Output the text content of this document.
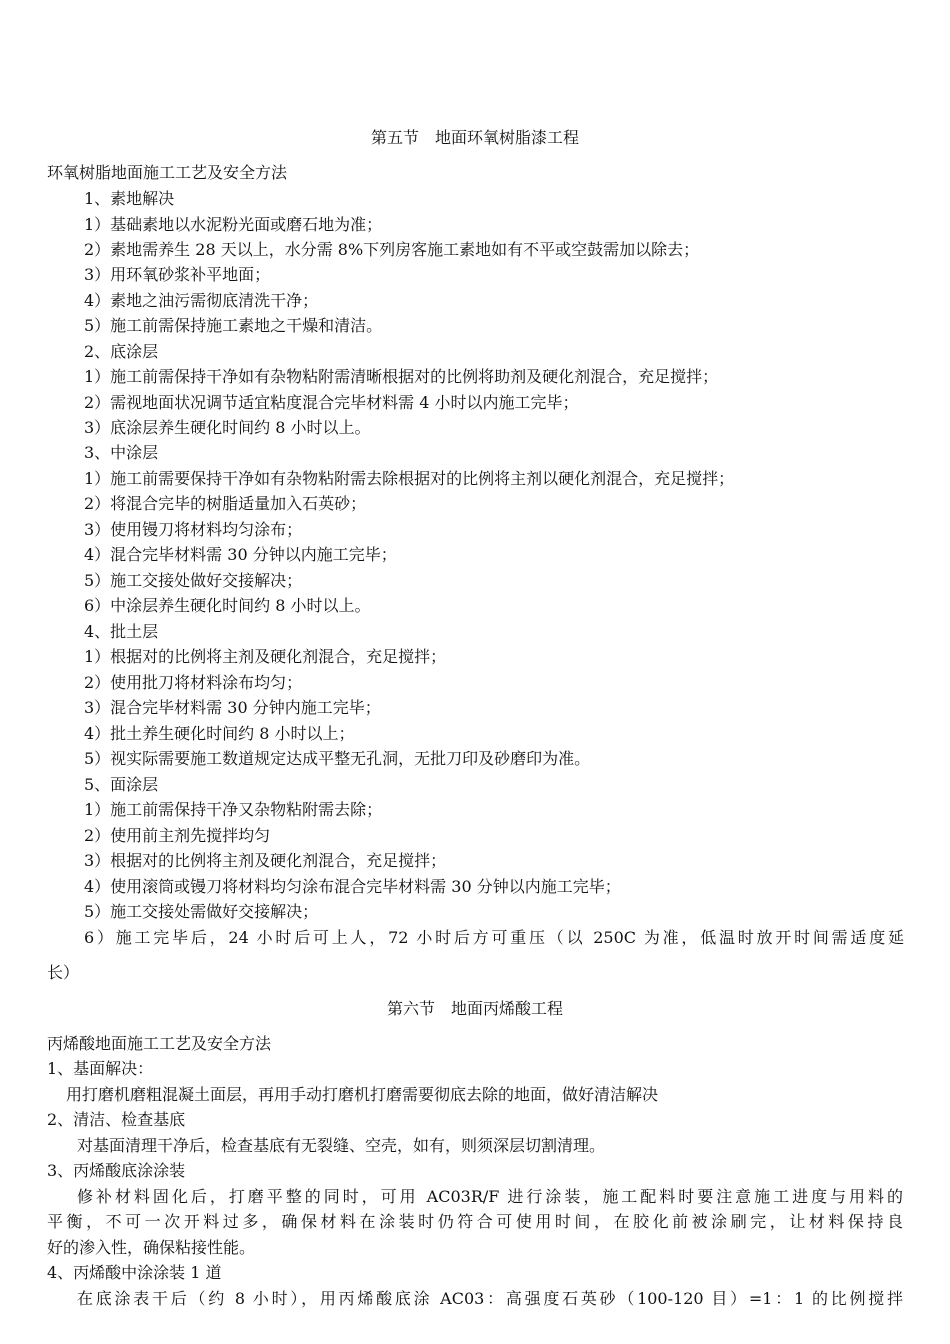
第五节　地面环氧树脂漆工程
环氧树脂地面施工工艺及安全方法
1、素地解决
1）基础素地以水泥粉光面或磨石地为准；
2）素地需养生 28 天以上，水分需 8%下列房客施工素地如有不平或空鼓需加以除去；
3）用环氧砂浆补平地面；
4）素地之油污需彻底清洗干净；
5）施工前需保持施工素地之干燥和清洁。
2、底涂层
1）施工前需保持干净如有杂物粘附需清晰根据对的比例将助剂及硬化剂混合，充足搅拌；
2）需视地面状况调节适宜粘度混合完毕材料需 4 小时以内施工完毕；
3）底涂层养生硬化时间约 8 小时以上。
3、中涂层
1）施工前需要保持干净如有杂物粘附需去除根据对的比例将主剂以硬化剂混合，充足搅拌；
2）将混合完毕的树脂适量加入石英砂；
3）使用镘刀将材料均匀涂布；
4）混合完毕材料需 30 分钟以内施工完毕；
5）施工交接处做好交接解决；
6）中涂层养生硬化时间约 8 小时以上。
4、批土层
1）根据对的比例将主剂及硬化剂混合，充足搅拌；
2）使用批刀将材料涂布均匀；
3）混合完毕材料需 30 分钟内施工完毕；
4）批土养生硬化时间约 8 小时以上；
5）视实际需要施工数道规定达成平整无孔洞，无批刀印及砂磨印为准。
5、面涂层
1）施工前需保持干净又杂物粘附需去除；
2）使用前主剂先搅拌均匀
3）根据对的比例将主剂及硬化剂混合，充足搅拌；
4）使用滚筒或镘刀将材料均匀涂布混合完毕材料需 30 分钟以内施工完毕；
5）施工交接处需做好交接解决；
6）施工完毕后，24 小时后可上人，72 小时后方可重压（以 250C 为准，低温时放开时间需适度延
长）
第六节　地面丙烯酸工程
丙烯酸地面施工工艺及安全方法
1、基面解决：
用打磨机磨粗混凝土面层，再用手动打磨机打磨需要彻底去除的地面，做好清洁解决
2、清洁、检查基底
对基面清理干净后，检查基底有无裂缝、空壳，如有，则须深层切割清理。
3、丙烯酸底涂涂装
修补材料固化后，打磨平整的同时，可用 AC03R/F 进行涂装，施工配料时要注意施工进度与用料的
平衡，不可一次开料过多，确保材料在涂装时仍符合可使用时间，在胶化前被涂刷完，让材料保持良
好的渗入性，确保粘接性能。
4、丙烯酸中涂涂装 1 道
在底涂表干后（约 8 小时），用丙烯酸底涂 AC03：高强度石英砂（100-120 目）=1：1 的比例搅拌
